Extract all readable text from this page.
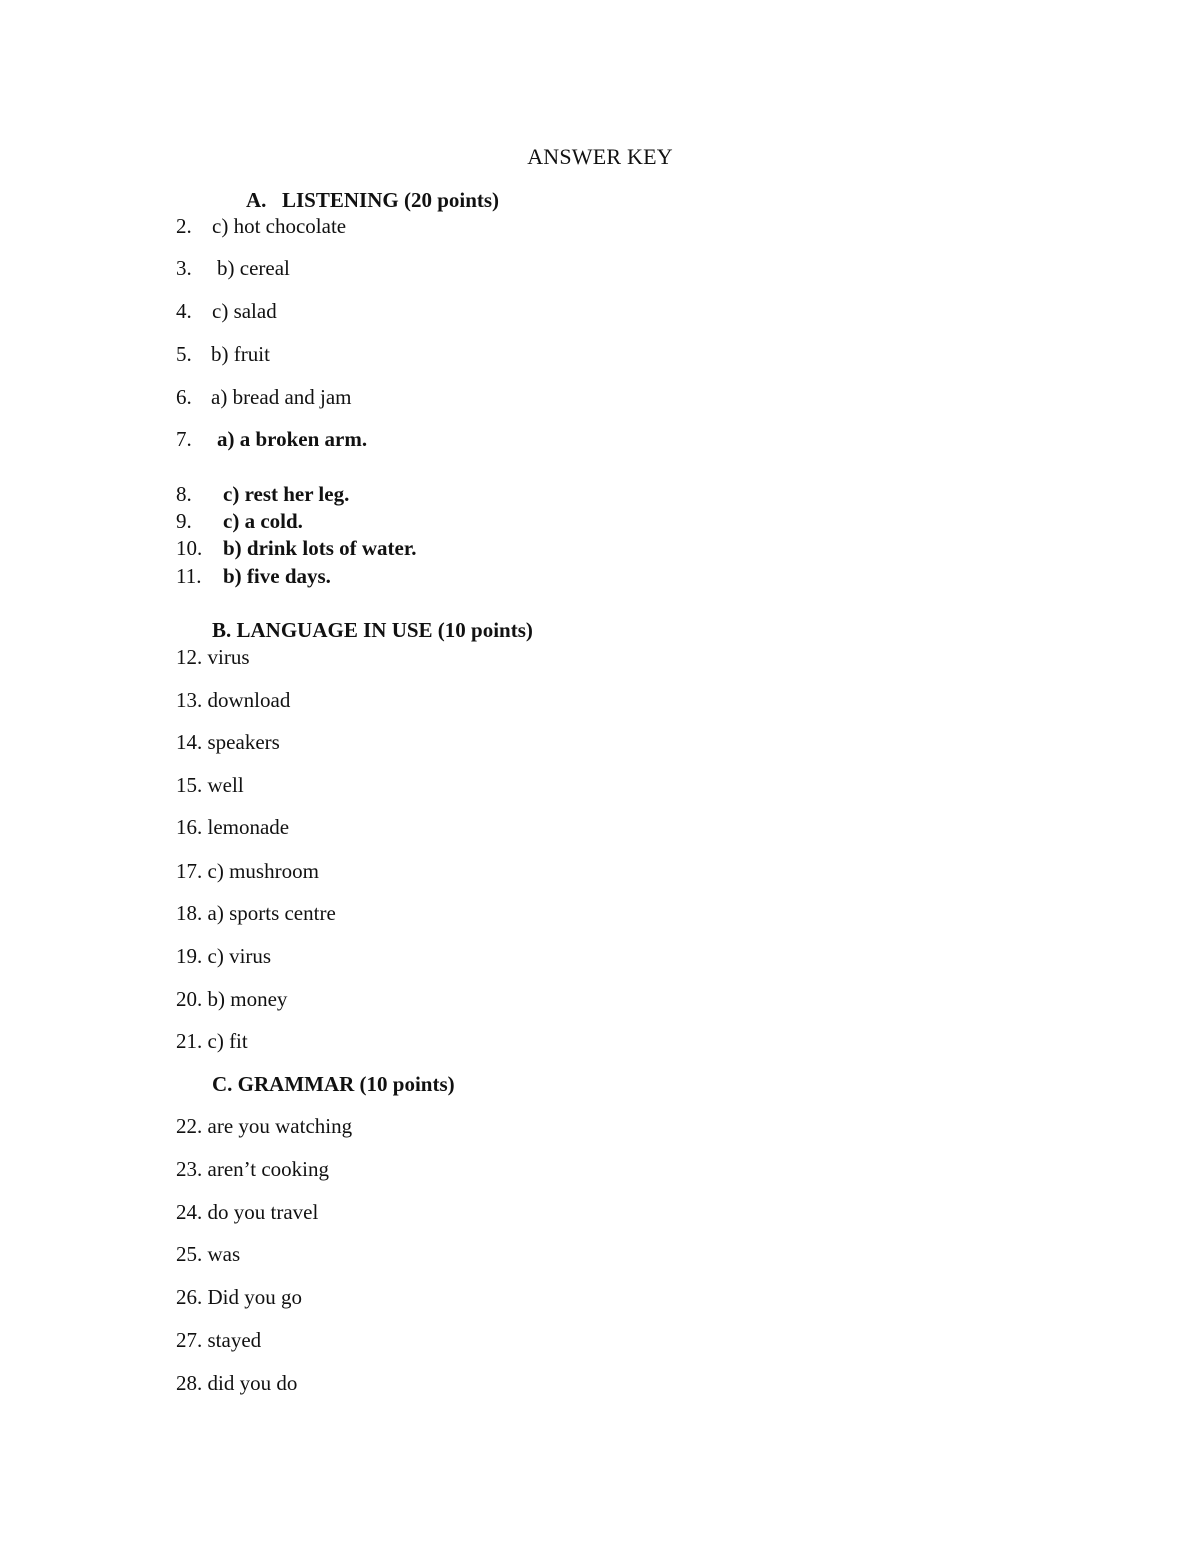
ANSWER KEY
A. LISTENING (20 points)
2. c) hot chocolate
3. b) cereal
4. c) salad
5. b) fruit
6. a) bread and jam
7. a) a broken arm.
8. c) rest her leg.
9. c) a cold.
10. b) drink lots of water.
11. b) five days.
B. LANGUAGE IN USE (10 points)
12. virus
13. download
14. speakers
15. well
16. lemonade
17. c) mushroom
18. a) sports centre
19. c) virus
20. b) money
21. c) fit
C. GRAMMAR (10 points)
22. are you watching
23. aren’t cooking
24. do you travel
25. was
26. Did you go
27. stayed
28. did you do
